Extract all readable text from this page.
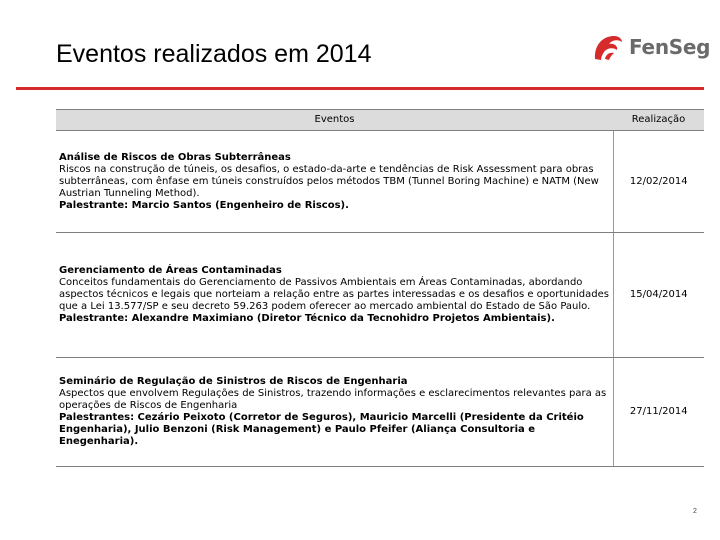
Eventos realizados em 2014	FenSeg
Eventos	Realização

Análise de Riscos de Obras Subterrâneas
Riscos na construção de túneis, os desafios, o estado-da-arte e tendências de Risk Assessment para obras subterrâneas, com ênfase em túneis construídos pelos métodos TBM (Tunnel Boring Machine) e NATM (New Austrian Tunneling Method).
Palestrante: Marcio Santos (Engenheiro de Riscos).	12/02/2014

Gerenciamento de Áreas Contaminadas
Conceitos fundamentais do Gerenciamento de Passivos Ambientais em Áreas Contaminadas, abordando aspectos técnicos e legais que norteiam a relação entre as partes interessadas e os desafios e oportunidades que a Lei 13.577/SP e seu decreto 59.263 podem oferecer ao mercado ambiental do Estado de São Paulo.
Palestrante: Alexandre Maximiano (Diretor Técnico da Tecnohidro Projetos Ambientais).	15/04/2014

Seminário de Regulação de Sinistros de Riscos de Engenharia
Aspectos que envolvem Regulações de Sinistros, trazendo informações e esclarecimentos relevantes para as operações de Riscos de Engenharia
Palestrantes: Cezário Peixoto (Corretor de Seguros), Mauricio Marcelli (Presidente da Critéio Engenharia), Julio Benzoni (Risk Management) e Paulo Pfeifer (Aliança Consultoria e Enegenharia).	27/11/2014
2
